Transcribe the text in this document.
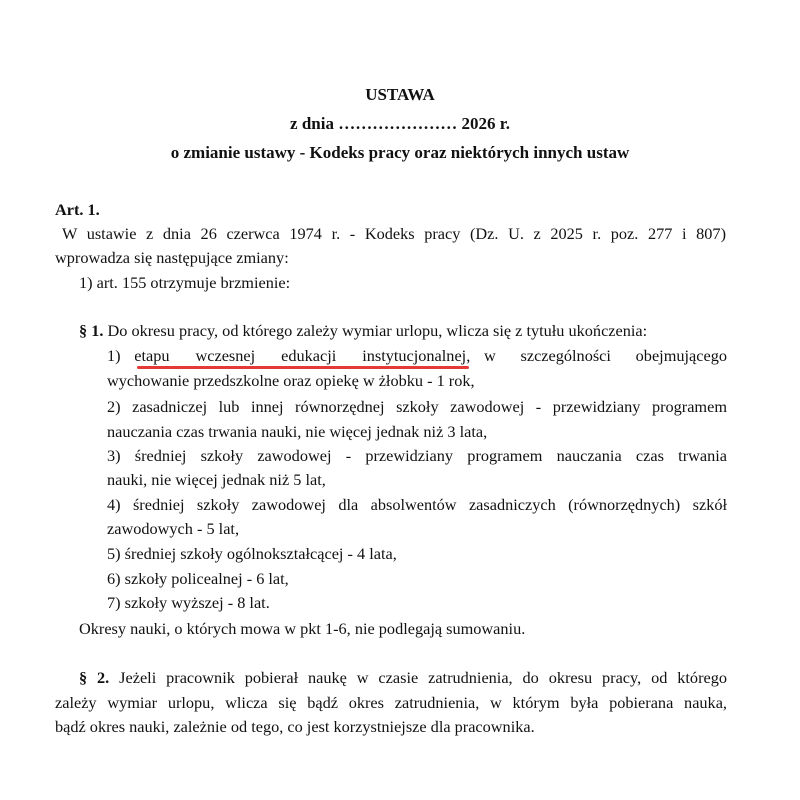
USTAWA
z dnia ………………… 2026 r.
o zmianie ustawy - Kodeks pracy oraz niektórych innych ustaw
Art. 1.
W ustawie z dnia 26 czerwca 1974 r. - Kodeks pracy (Dz. U. z 2025 r. poz. 277 i 807)
wprowadza się następujące zmiany:
1) art. 155 otrzymuje brzmienie:
§ 1. Do okresu pracy, od którego zależy wymiar urlopu, wlicza się z tytułu ukończenia:
1) etapu wczesnej edukacji instytucjonalnej, w szczególności obejmującego
wychowanie przedszkolne oraz opiekę w żłobku - 1 rok,
2) zasadniczej lub innej równorzędnej szkoły zawodowej - przewidziany programem
nauczania czas trwania nauki, nie więcej jednak niż 3 lata,
3) średniej szkoły zawodowej - przewidziany programem nauczania czas trwania
nauki, nie więcej jednak niż 5 lat,
4) średniej szkoły zawodowej dla absolwentów zasadniczych (równorzędnych) szkół
zawodowych - 5 lat,
5) średniej szkoły ogólnokształcącej - 4 lata,
6) szkoły policealnej - 6 lat,
7) szkoły wyższej - 8 lat.
Okresy nauki, o których mowa w pkt 1-6, nie podlegają sumowaniu.
§ 2. Jeżeli pracownik pobierał naukę w czasie zatrudnienia, do okresu pracy, od którego
zależy wymiar urlopu, wlicza się bądź okres zatrudnienia, w którym była pobierana nauka,
bądź okres nauki, zależnie od tego, co jest korzystniejsze dla pracownika.
